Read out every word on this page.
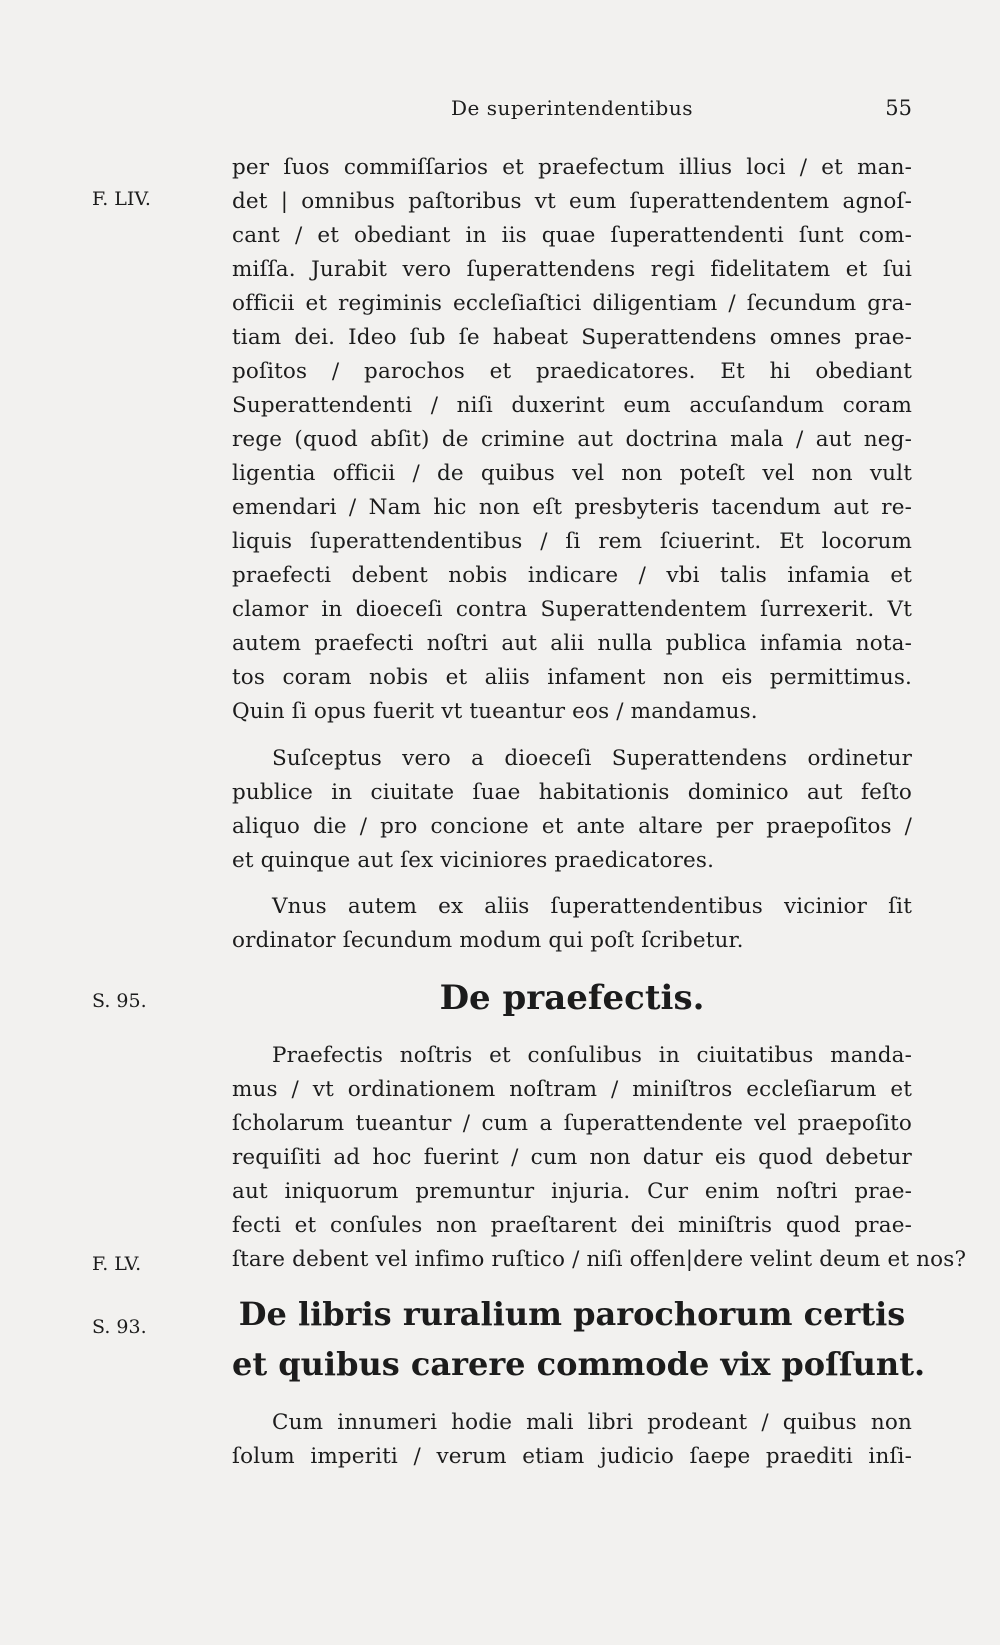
De superintendentibus	55
F. LIV.
S. 95.
F. LV.
S. 93.
per ſuos commiſſarios et praefectum illius loci / et man-
det | omnibus paſtoribus vt eum ſuperattendentem agnoſ-
cant / et obediant in iis quae ſuperattendenti ſunt com-
miſſa. Jurabit vero ſuperattendens regi fidelitatem et ſui
officii et regiminis eccleſiaſtici diligentiam / ſecundum gra-
tiam dei. Ideo ſub ſe habeat Superattendens omnes prae-
poſitos / parochos et praedicatores. Et hi obediant
Superattendenti / niſi duxerint eum accuſandum coram
rege (quod abſit) de crimine aut doctrina mala / aut neg-
ligentia officii / de quibus vel non poteſt vel non vult
emendari / Nam hic non eſt presbyteris tacendum aut re-
liquis ſuperattendentibus / ſi rem ſciuerint. Et locorum
praefecti debent nobis indicare / vbi talis infamia et
clamor in dioeceſi contra Superattendentem ſurrexerit. Vt
autem praefecti noſtri aut alii nulla publica infamia nota-
tos coram nobis et aliis infament non eis permittimus.
Quin ſi opus fuerit vt tueantur eos / mandamus.
Suſceptus vero a dioeceſi Superattendens ordinetur
publice in ciuitate ſuae habitationis dominico aut feſto
aliquo die / pro concione et ante altare per praepoſitos /
et quinque aut ſex viciniores praedicatores.
Vnus autem ex aliis ſuperattendentibus vicinior ſit
ordinator ſecundum modum qui poſt ſcribetur.
De praefectis.
Praefectis noſtris et conſulibus in ciuitatibus manda-
mus / vt ordinationem noſtram / miniſtros eccleſiarum et
ſcholarum tueantur / cum a ſuperattendente vel praepoſito
requiſiti ad hoc fuerint / cum non datur eis quod debetur
aut iniquorum premuntur injuria. Cur enim noſtri prae-
fecti et conſules non praeſtarent dei miniſtris quod prae-
ſtare debent vel infimo ruſtico / niſi offen|dere velint deum et nos?
De libris ruralium parochorum certis
et quibus carere commode vix poſſunt.
Cum innumeri hodie mali libri prodeant / quibus non
ſolum imperiti / verum etiam judicio ſaepe praediti inſi-
